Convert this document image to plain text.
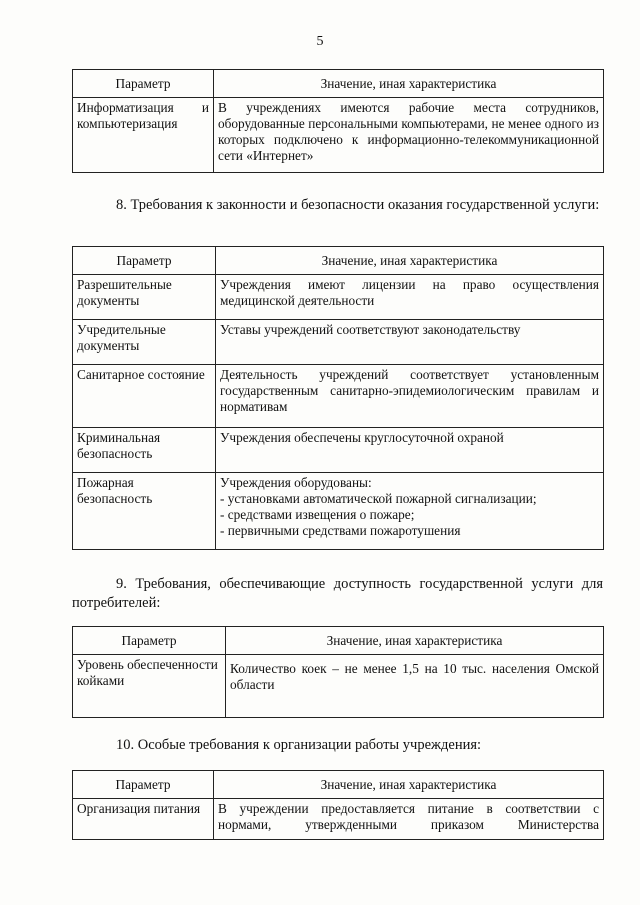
5
Параметр	Значение, иная характеристика
Информатизация и компьютеризация	В учреждениях имеются рабочие места сотрудников, оборудованные персональными компьютерами, не менее одного из которых подключено к информационно-телекоммуникационной сети «Интернет»
8. Требования к законности и безопасности оказания государственной услуги:
Параметр	Значение, иная характеристика
Разрешительные документы	Учреждения имеют лицензии на право осуществления медицинской деятельности
Учредительные документы	Уставы учреждений соответствуют законодательству
Санитарное состояние	Деятельность учреждений соответствует установленным государственным санитарно-эпидемиологическим правилам и нормативам
Криминальная безопасность	Учреждения обеспечены круглосуточной охраной
Пожарная безопасность	Учреждения оборудованы:
- установками автоматической пожарной сигнализации;
- средствами извещения о пожаре;
- первичными средствами пожаротушения
9. Требования, обеспечивающие доступность государственной услуги для потребителей:
Параметр	Значение, иная характеристика
Уровень обеспеченности койками	Количество коек – не менее 1,5 на 10 тыс. населения Омской области
10. Особые требования к организации работы учреждения:
Параметр	Значение, иная характеристика
Организация питания	В учреждении предоставляется питание в соответствии с нормами, утвержденными приказом Министерства
